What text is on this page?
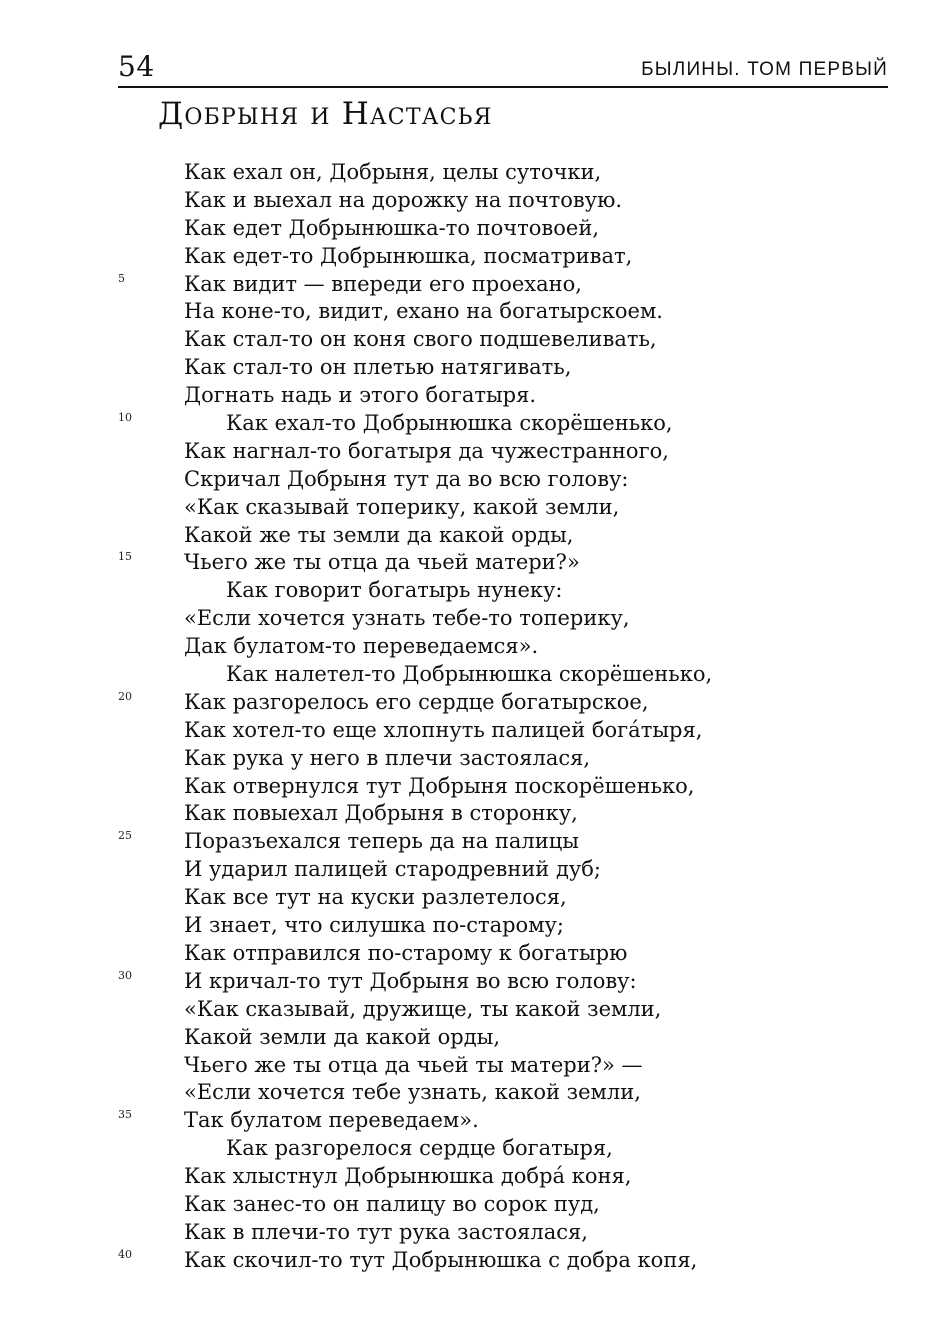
54	БЫЛИНЫ. ТОМ ПЕРВЫЙ
Добрыня и Настасья
Как ехал он, Добрыня, целы суточки,
Как и выехал на дорожку на почтовую.
Как едет Добрынюшка-то почтовоей,
Как едет-то Добрынюшка, посматриват,
5	Как видит — впереди его проехано,
На коне-то, видит, ехано на богатырскоем.
Как стал-то он коня свого подшевеливать,
Как стал-то он плетью натягивать,
Догнать надь и этого богатыря.
10	Как ехал-то Добрынюшка скорёшенько,
Как нагнал-то богатыря да чужестранного,
Скричал Добрыня тут да во всю голову:
«Как сказывай топерику, какой земли,
Какой же ты земли да какой орды,
15 Чьего же ты отца да чьей матери?»
Как говорит богатырь нунеку:
«Если хочется узнать тебе-то топерику,
Дак булатом-то переведаемся».
Как налетел-то Добрынюшка скорёшенько,
20 Как разгорелось его сердце богатырское,
Как хотел-то еще хлопнуть палицей бога́тыря,
Как рука у него в плечи застоялася,
Как отвернулся тут Добрыня поскорёшенько,
Как повыехал Добрыня в сторонку,
25 Поразъехался теперь да на палицы
И ударил палицей стародревний дуб;
Как все тут на куски разлетелося,
И знает, что силушка по-старому;
Как отправился по-старому к богатырю
30 И кричал-то тут Добрыня во всю голову:
«Как сказывай, дружище, ты какой земли,
Какой земли да какой орды,
Чьего же ты отца да чьей ты матери?» —
«Если хочется тебе узнать, какой земли,
35 Так булатом переведаем».
Как разгорелося сердце богатыря,
Как хлыстнул Добрынюшка добра́ коня,
Как занес-то он палицу во сорок пуд,
Как в плечи-то тут рука застоялася,
40 Как скочил-то тут Добрынюшка с добра копя,
